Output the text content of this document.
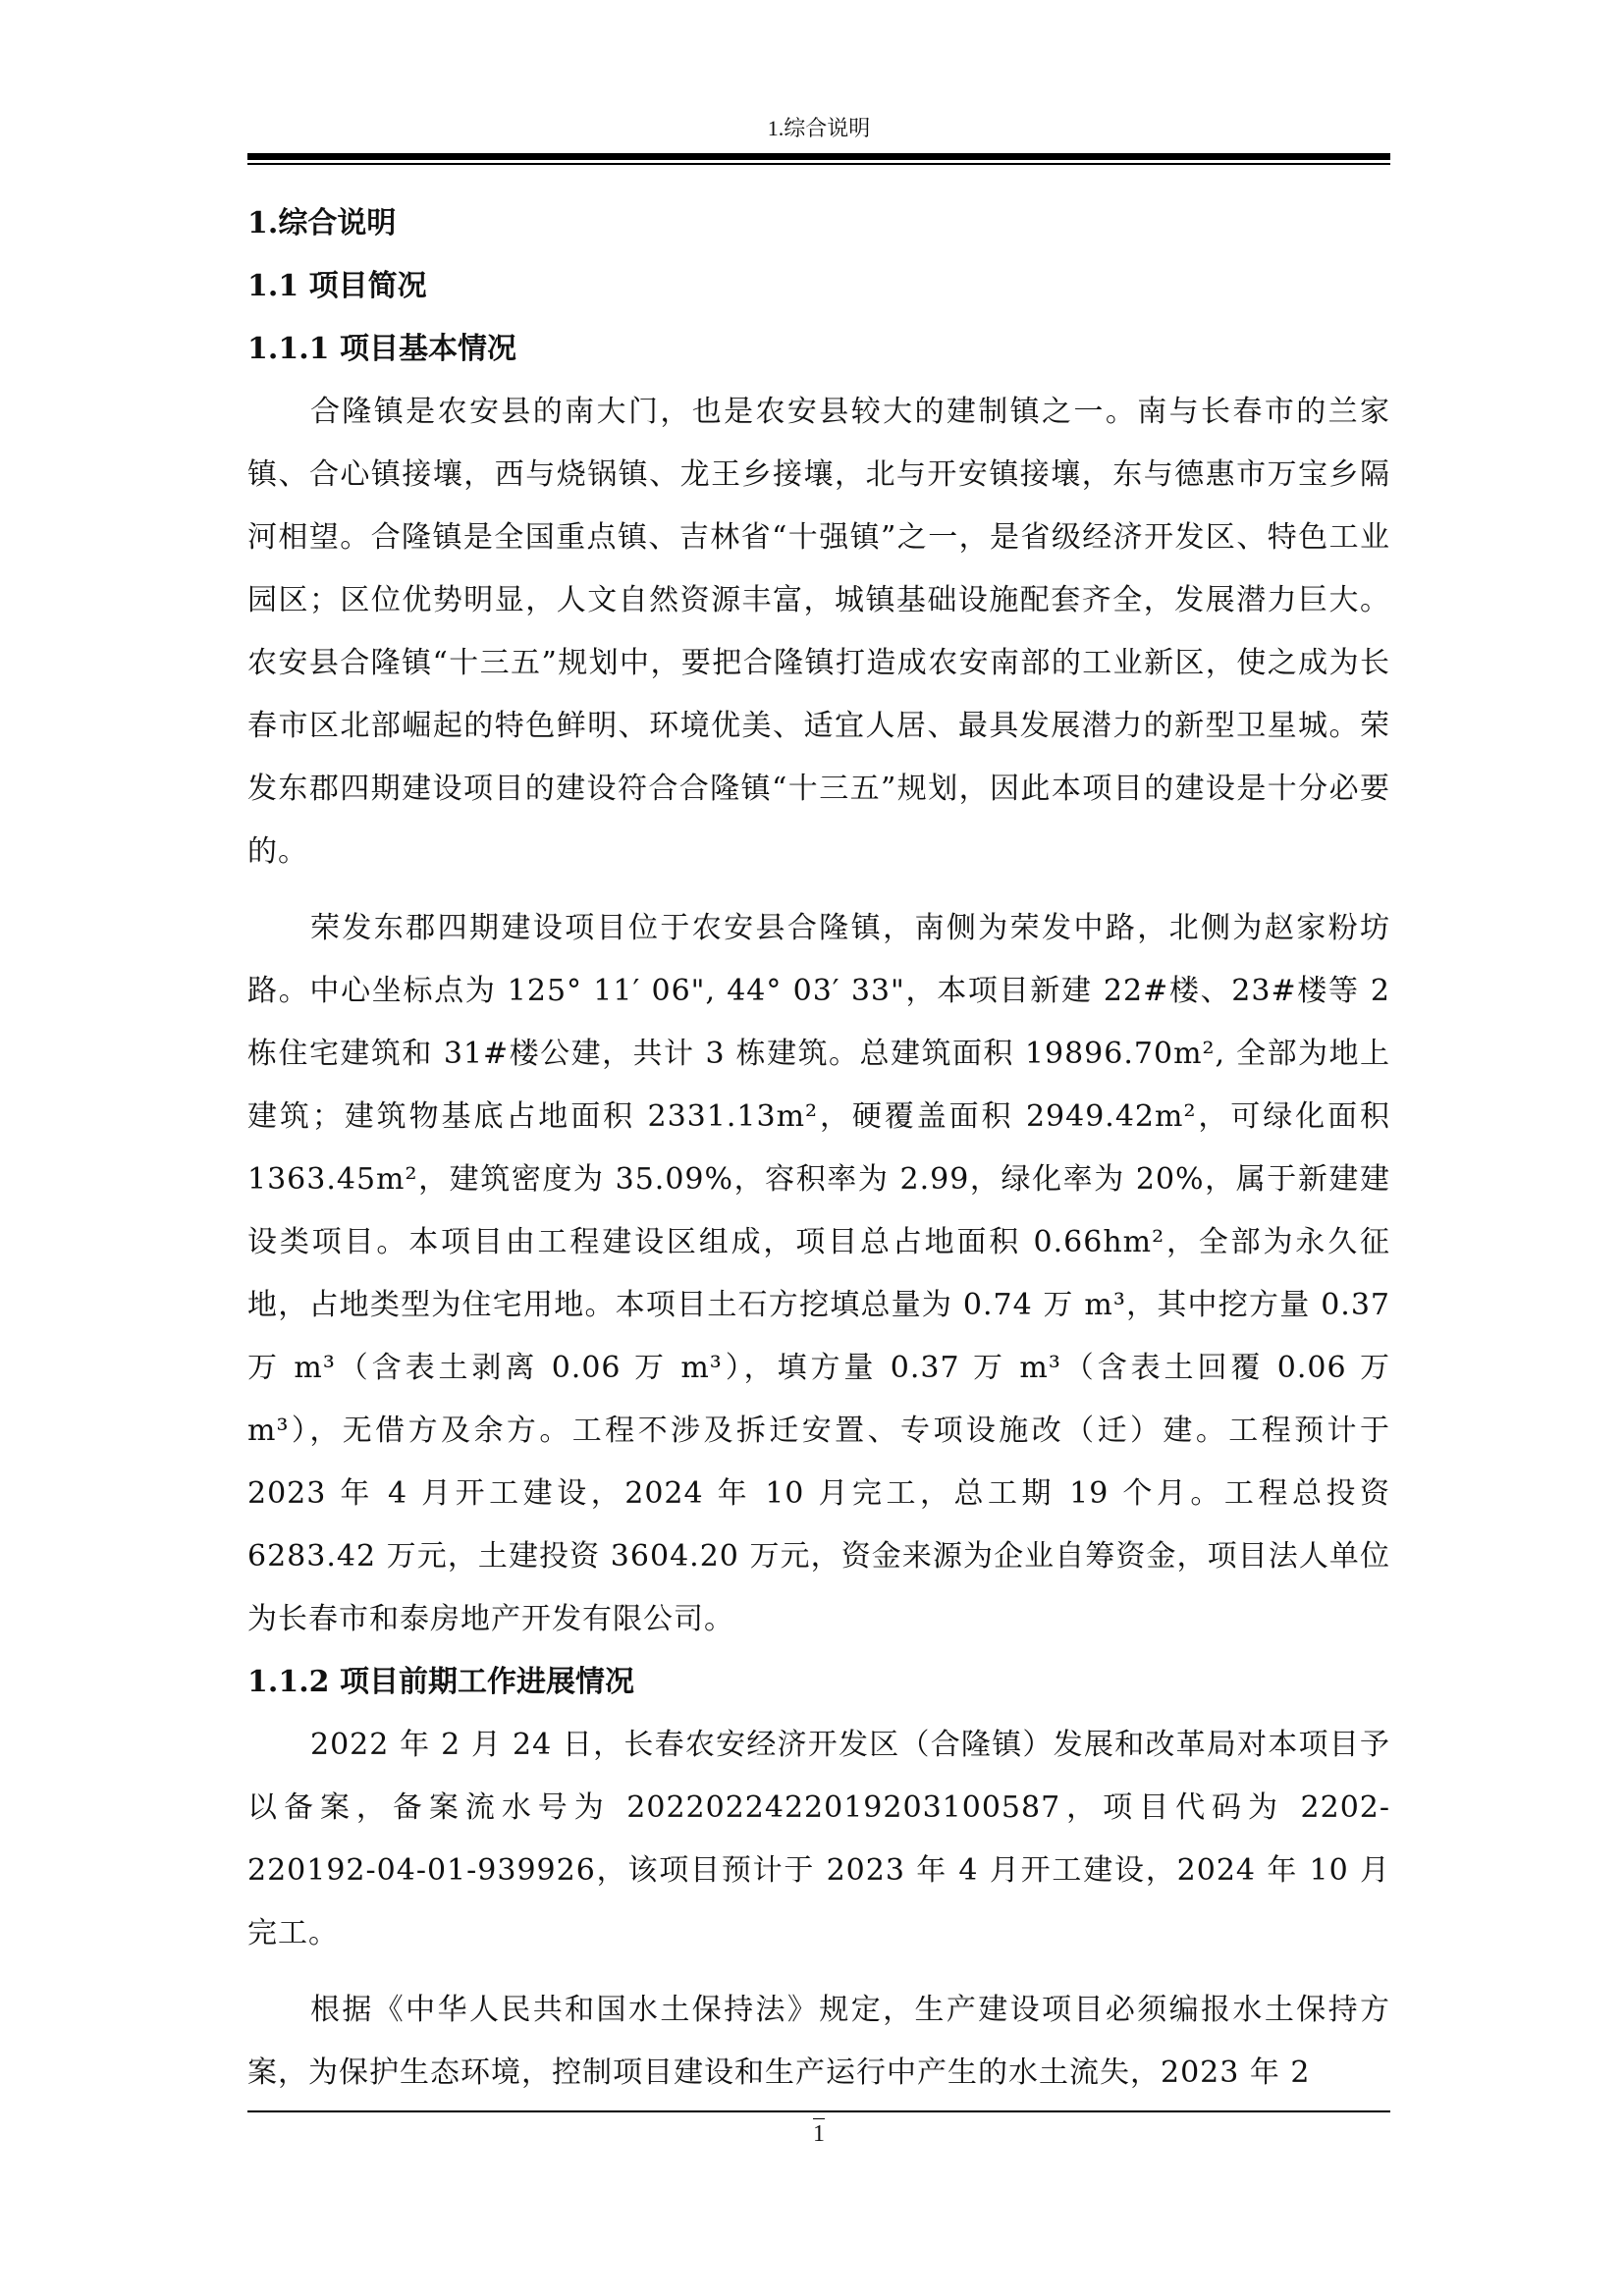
1.综合说明
1.综合说明
1.1 项目简况
1.1.1 项目基本情况

合隆镇是农安县的南大门，也是农安县较大的建制镇之一。南与长春市的兰家镇、合心镇接壤，西与烧锅镇、龙王乡接壤，北与开安镇接壤，东与德惠市万宝乡隔河相望。合隆镇是全国重点镇、吉林省“十强镇”之一，是省级经济开发区、特色工业园区；区位优势明显，人文自然资源丰富，城镇基础设施配套齐全，发展潜力巨大。农安县合隆镇“十三五”规划中，要把合隆镇打造成农安南部的工业新区，使之成为长春市区北部崛起的特色鲜明、环境优美、适宜人居、最具发展潜力的新型卫星城。荣发东郡四期建设项目的建设符合合隆镇“十三五”规划，因此本项目的建设是十分必要的。

荣发东郡四期建设项目位于农安县合隆镇，南侧为荣发中路，北侧为赵家粉坊路。中心坐标点为 125° 11′ 06", 44° 03′ 33"，本项目新建 22#楼、23#楼等 2 栋住宅建筑和 31#楼公建，共计 3 栋建筑。总建筑面积 19896.70m², 全部为地上建筑；建筑物基底占地面积 2331.13m²，硬覆盖面积 2949.42m²，可绿化面积 1363.45m²，建筑密度为 35.09%，容积率为 2.99，绿化率为 20%，属于新建建设类项目。本项目由工程建设区组成，项目总占地面积 0.66hm²，全部为永久征地，占地类型为住宅用地。本项目土石方挖填总量为 0.74 万 m³，其中挖方量 0.37 万 m³（含表土剥离 0.06 万 m³），填方量 0.37 万 m³（含表土回覆 0.06 万 m³），无借方及余方。工程不涉及拆迁安置、专项设施改（迁）建。工程预计于 2023 年 4 月开工建设，2024 年 10 月完工，总工期 19 个月。工程总投资 6283.42 万元，土建投资 3604.20 万元，资金来源为企业自筹资金，项目法人单位为长春市和泰房地产开发有限公司。

1.1.2 项目前期工作进展情况

2022 年 2 月 24 日，长春农安经济开发区（合隆镇）发展和改革局对本项目予以备案，备案流水号为 20220224220192031005​87，项目代码为 2202-220192-04-01-939926，该项目预计于 2023 年 4 月开工建设，2024 年 10 月完工。

根据《中华人民共和国水土保持法》规定，生产建设项目必须编报水土保持方案，为保护生态环境，控制项目建设和生产运行中产生的水土流失，2023 年 2

1
